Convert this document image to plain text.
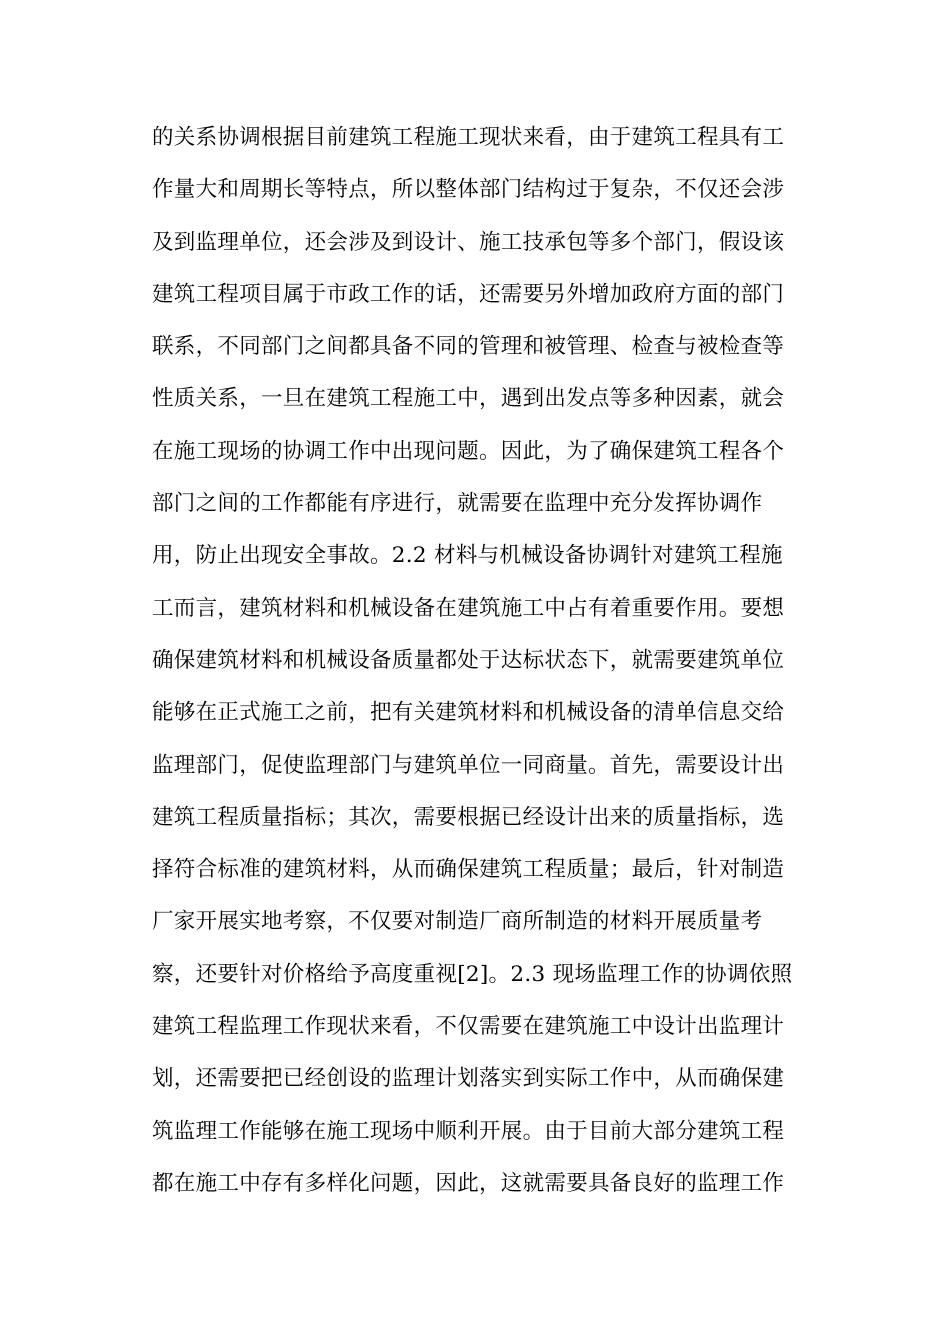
的关系协调根据目前建筑工程施工现状来看，由于建筑工程具有工
作量大和周期长等特点，所以整体部门结构过于复杂，不仅还会涉
及到监理单位，还会涉及到设计、施工技承包等多个部门，假设该
建筑工程项目属于市政工作的话，还需要另外增加政府方面的部门
联系，不同部门之间都具备不同的管理和被管理、检查与被检查等
性质关系，一旦在建筑工程施工中，遇到出发点等多种因素，就会
在施工现场的协调工作中出现问题。因此，为了确保建筑工程各个
部门之间的工作都能有序进行，就需要在监理中充分发挥协调作
用，防止出现安全事故。2.2 材料与机械设备协调针对建筑工程施
工而言，建筑材料和机械设备在建筑施工中占有着重要作用。要想
确保建筑材料和机械设备质量都处于达标状态下，就需要建筑单位
能够在正式施工之前，把有关建筑材料和机械设备的清单信息交给
监理部门，促使监理部门与建筑单位一同商量。首先，需要设计出
建筑工程质量指标；其次，需要根据已经设计出来的质量指标，选
择符合标准的建筑材料，从而确保建筑工程质量；最后，针对制造
厂家开展实地考察，不仅要对制造厂商所制造的材料开展质量考
察，还要针对价格给予高度重视[2]。2.3 现场监理工作的协调依照
建筑工程监理工作现状来看，不仅需要在建筑施工中设计出监理计
划，还需要把已经创设的监理计划落实到实际工作中，从而确保建
筑监理工作能够在施工现场中顺利开展。由于目前大部分建筑工程
都在施工中存有多样化问题，因此，这就需要具备良好的监理工作
